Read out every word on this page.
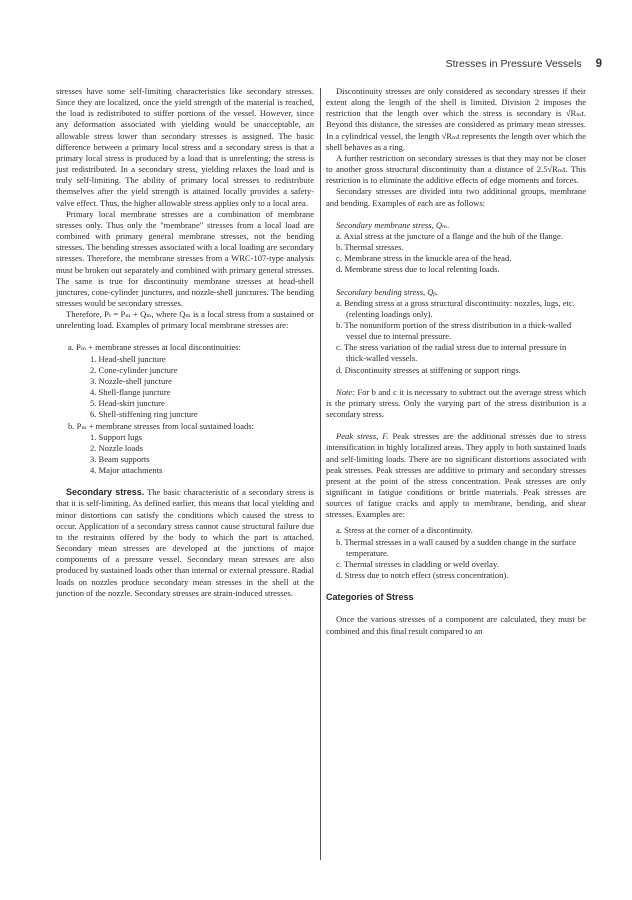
Stresses in Pressure Vessels 9

stresses have some self-limiting characteristics like secondary stresses. Since they are localized, once the yield strength of the material is reached, the load is redistributed to stiffer portions of the vessel. However, since any deformation associated with yielding would be unacceptable, an allowable stress lower than secondary stresses is assigned. The basic difference between a primary local stress and a secondary stress is that a primary local stress is produced by a load that is unrelenting; the stress is just redistributed. In a secondary stress, yielding relaxes the load and is truly self-limiting. The ability of primary local stresses to redistribute themselves after the yield strength is attained locally provides a safety-valve effect. Thus, the higher allowable stress applies only to a local area.

Primary local membrane stresses are a combination of membrane stresses only. Thus only the "membrane" stresses from a local load are combined with primary general membrane stresses, not the bending stresses. The bending stresses associated with a local loading are secondary stresses. Therefore, the membrane stresses from a WRC-107-type analysis must be broken out separately and combined with primary general stresses. The same is true for discontinuity membrane stresses at head-shell junctures, cone-cylinder junctures, and nozzle-shell junctures. The bending stresses would be secondary stresses.

Therefore, Pₗ = Pₘ + Qₘ, where Qₘ is a local stress from a sustained or unrelenting load. Examples of primary local membrane stresses are:

a. Pₘ + membrane stresses at local discontinuities:
1. Head-shell juncture
2. Cone-cylinder juncture
3. Nozzle-shell juncture
4. Shell-flange juncture
5. Head-skirt juncture
6. Shell-stiffening ring juncture
b. Pₘ + membrane stresses from local sustained loads:
1. Support lugs
2. Nozzle loads
3. Beam supports
4. Major attachments

Secondary stress. The basic characteristic of a secondary stress is that it is self-limiting. As defined earlier, this means that local yielding and minor distortions can satisfy the conditions which caused the stress to occur. Application of a secondary stress cannot cause structural failure due to the restraints offered by the body to which the part is attached. Secondary mean stresses are developed at the junctions of major components of a pressure vessel. Secondary mean stresses are also produced by sustained loads other than internal or external pressure. Radial loads on nozzles produce secondary mean stresses in the shell at the junction of the nozzle. Secondary stresses are strain-induced stresses.

Discontinuity stresses are only considered as secondary stresses if their extent along the length of the shell is limited. Division 2 imposes the restriction that the length over which the stress is secondary is √Rₘt. Beyond this distance, the stresses are considered as primary mean stresses. In a cylindrical vessel, the length √Rₘt represents the length over which the shell behaves as a ring.

A further restriction on secondary stresses is that they may not be closer to another gross structural discontinuity than a distance of 2.5√Rₘt. This restriction is to eliminate the additive effects of edge moments and forces.

Secondary stresses are divided into two additional groups, membrane and bending. Examples of each are as follows:

Secondary membrane stress, Qₘ.

a. Axial stress at the juncture of a flange and the hub of the flange.

b. Thermal stresses.

c. Membrane stress in the knuckle area of the head.

d. Membrane stress due to local relenting loads.

Secondary bending stress, Qᵦ.

a. Bending stress at a gross structural discontinuity: nozzles, lugs, etc. (relenting loadings only).

b. The nonuniform portion of the stress distribution in a thick-walled vessel due to internal pressure.

c. The stress variation of the radial stress due to internal pressure in thick-walled vessels.

d. Discontinuity stresses at stiffening or support rings.

Note: For b and c it is necessary to subtract out the average stress which is the primary stress. Only the varying part of the stress distribution is a secondary stress.

Peak stress, F. Peak stresses are the additional stresses due to stress intensification in highly localized areas. They apply to both sustained loads and self-limiting loads. There are no significant distortions associated with peak stresses. Peak stresses are additive to primary and secondary stresses present at the point of the stress concentration. Peak stresses are only significant in fatigue conditions or brittle materials. Peak stresses are sources of fatigue cracks and apply to membrane, bending, and shear stresses. Examples are:

a. Stress at the corner of a discontinuity.

b. Thermal stresses in a wall caused by a sudden change in the surface temperature.

c. Thermal stresses in cladding or weld overlay.

d. Stress due to notch effect (stress concentration).

Categories of Stress

Once the various stresses of a component are calculated, they must be combined and this final result compared to an
